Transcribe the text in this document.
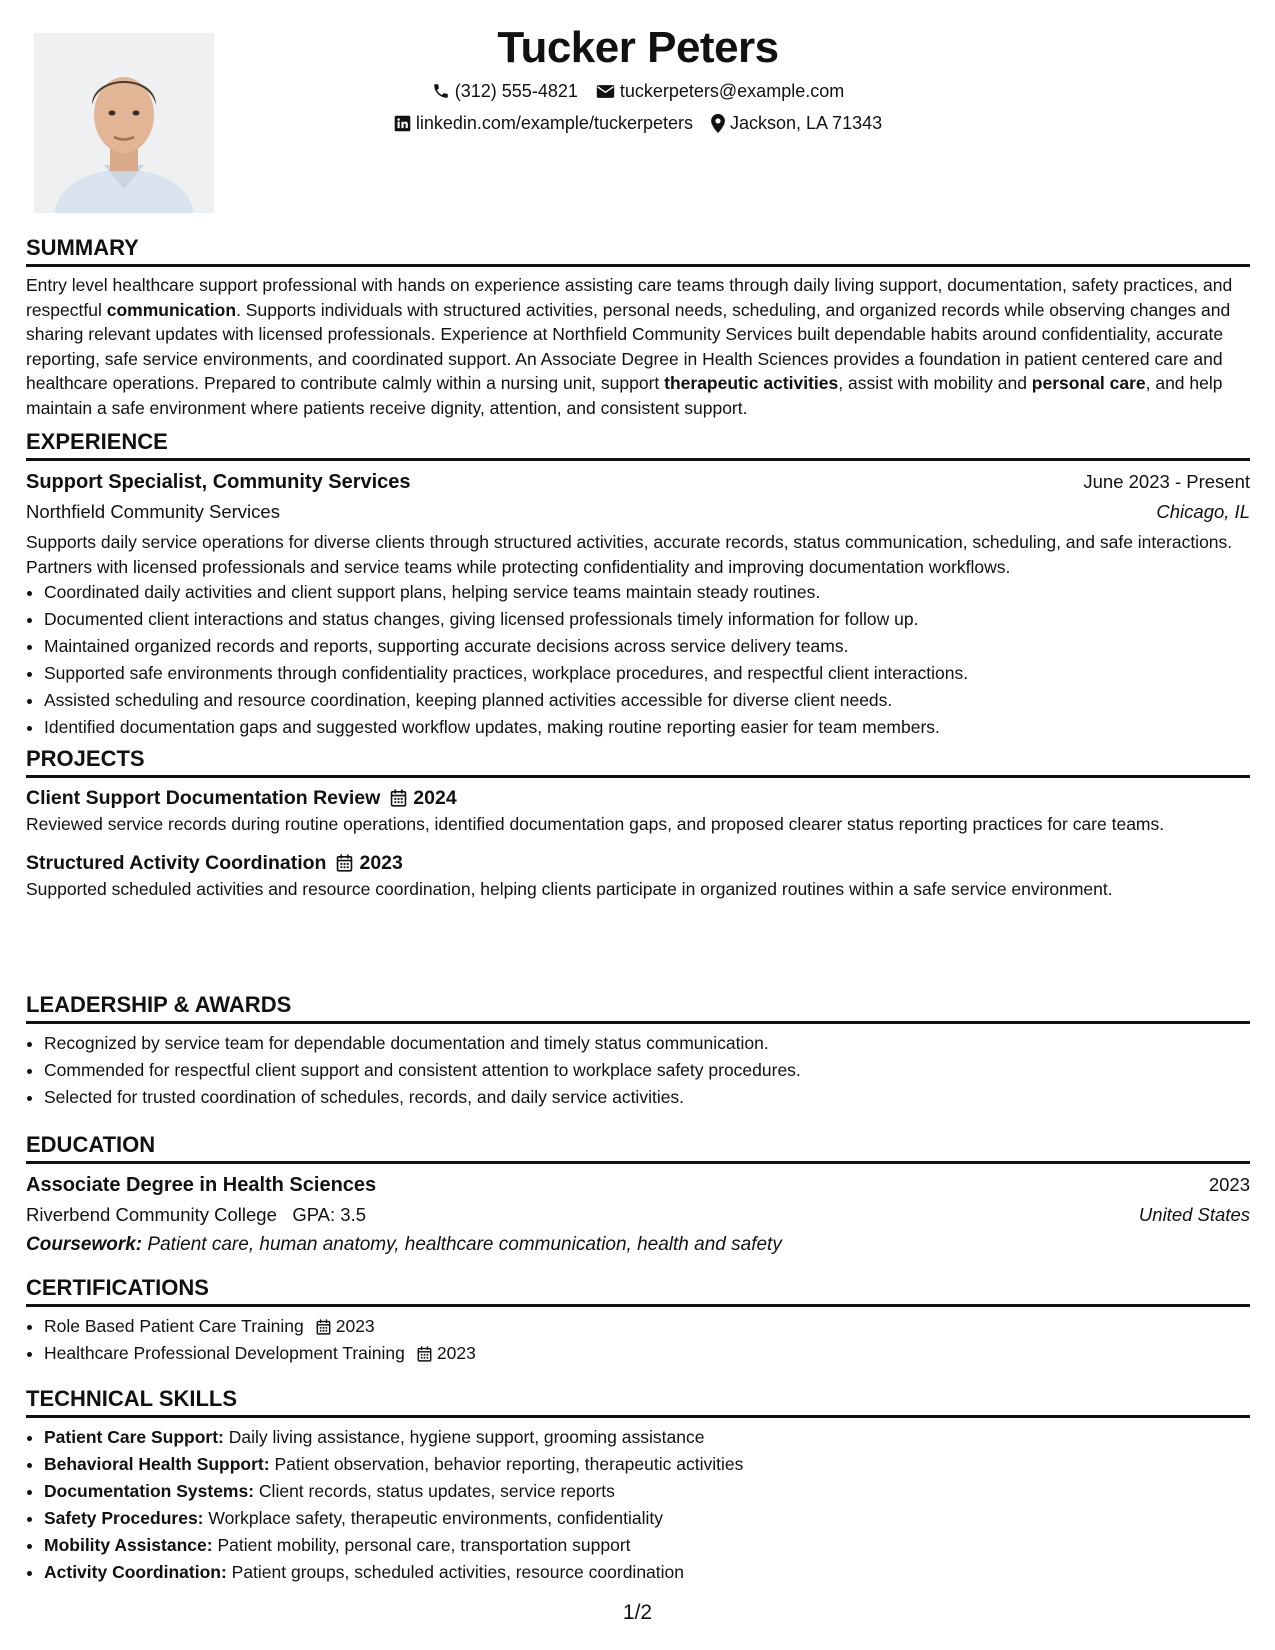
Tucker Peters
(312) 555-4821 tuckerpeters@example.com
linkedin.com/example/tuckerpeters Jackson, LA 71343
SUMMARY

Entry level healthcare support professional with hands on experience assisting care teams through daily living support, documentation, safety practices, and respectful communication. Supports individuals with structured activities, personal needs, scheduling, and organized records while observing changes and sharing relevant updates with licensed professionals. Experience at Northfield Community Services built dependable habits around confidentiality, accurate reporting, safe service environments, and coordinated support. An Associate Degree in Health Sciences provides a foundation in patient centered care and healthcare operations. Prepared to contribute calmly within a nursing unit, support therapeutic activities, assist with mobility and personal care, and help maintain a safe environment where patients receive dignity, attention, and consistent support.

EXPERIENCE
Support Specialist, Community Services	June 2023 - Present
Northfield Community Services	Chicago, IL

Supports daily service operations for diverse clients through structured activities, accurate records, status communication, scheduling, and safe interactions. Partners with licensed professionals and service teams while protecting confidentiality and improving documentation workflows.

• Coordinated daily activities and client support plans, helping service teams maintain steady routines.
• Documented client interactions and status changes, giving licensed professionals timely information for follow up.
• Maintained organized records and reports, supporting accurate decisions across service delivery teams.
• Supported safe environments through confidentiality practices, workplace procedures, and respectful client interactions.
• Assisted scheduling and resource coordination, keeping planned activities accessible for diverse client needs.
• Identified documentation gaps and suggested workflow updates, making routine reporting easier for team members.
PROJECTS
Client Support Documentation Review 2024

Reviewed service records during routine operations, identified documentation gaps, and proposed clearer status reporting practices for care teams.

Structured Activity Coordination 2023

Supported scheduled activities and resource coordination, helping clients participate in organized routines within a safe service environment.

LEADERSHIP & AWARDS
• Recognized by service team for dependable documentation and timely status communication.
• Commended for respectful client support and consistent attention to workplace safety procedures.
• Selected for trusted coordination of schedules, records, and daily service activities.
EDUCATION
Associate Degree in Health Sciences	2023
Riverbend Community College GPA: 3.5	United States
Coursework: Patient care, human anatomy, healthcare communication, health and safety
CERTIFICATIONS
• Role Based Patient Care Training 2023
• Healthcare Professional Development Training 2023
TECHNICAL SKILLS
• Patient Care Support: Daily living assistance, hygiene support, grooming assistance
• Behavioral Health Support: Patient observation, behavior reporting, therapeutic activities
• Documentation Systems: Client records, status updates, service reports
• Safety Procedures: Workplace safety, therapeutic environments, confidentiality
• Mobility Assistance: Patient mobility, personal care, transportation support
• Activity Coordination: Patient groups, scheduled activities, resource coordination
1/2
